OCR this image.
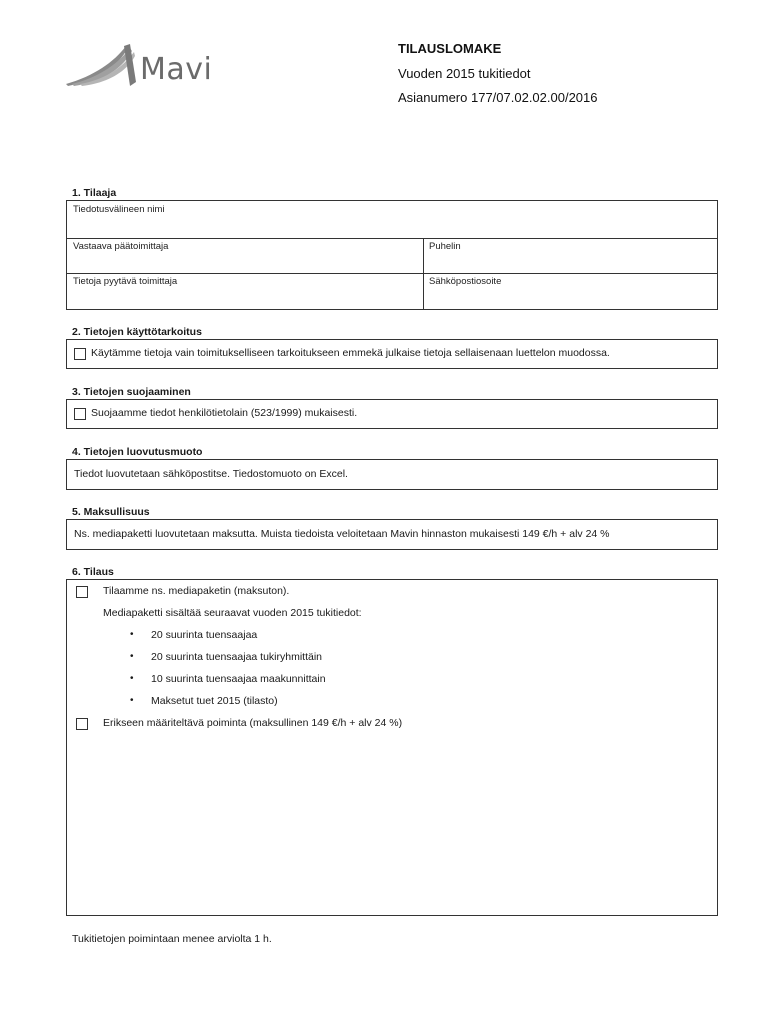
Mavi
TILAUSLOMAKE
Vuoden 2015 tukitiedot
Asianumero 177/07.02.02.00/2016
1. Tilaaja
Tiedotusvälineen nimi
Vastaava päätoimittaja	Puhelin
Tietoja pyytävä toimittaja	Sähköpostiosoite
2. Tietojen käyttötarkoitus
Käytämme tietoja vain toimitukselliseen tarkoitukseen emmekä julkaise tietoja sellaisenaan luettelon muodossa.
3. Tietojen suojaaminen
Suojaamme tiedot henkilötietolain (523/1999) mukaisesti.
4. Tietojen luovutusmuoto
Tiedot luovutetaan sähköpostitse. Tiedostomuoto on Excel.
5. Maksullisuus
Ns. mediapaketti luovutetaan maksutta. Muista tiedoista veloitetaan Mavin hinnaston mukaisesti 149 €/h + alv 24 %
6. Tilaus
Tilaamme ns. mediapaketin (maksuton).
Mediapaketti sisältää seuraavat vuoden 2015 tukitiedot:
• 20 suurinta tuensaajaa
• 20 suurinta tuensaajaa tukiryhmittäin
• 10 suurinta tuensaajaa maakunnittain
• Maksetut tuet 2015 (tilasto)
Erikseen määriteltävä poiminta (maksullinen 149 €/h + alv 24 %)
Tukitietojen poimintaan menee arviolta 1 h.
